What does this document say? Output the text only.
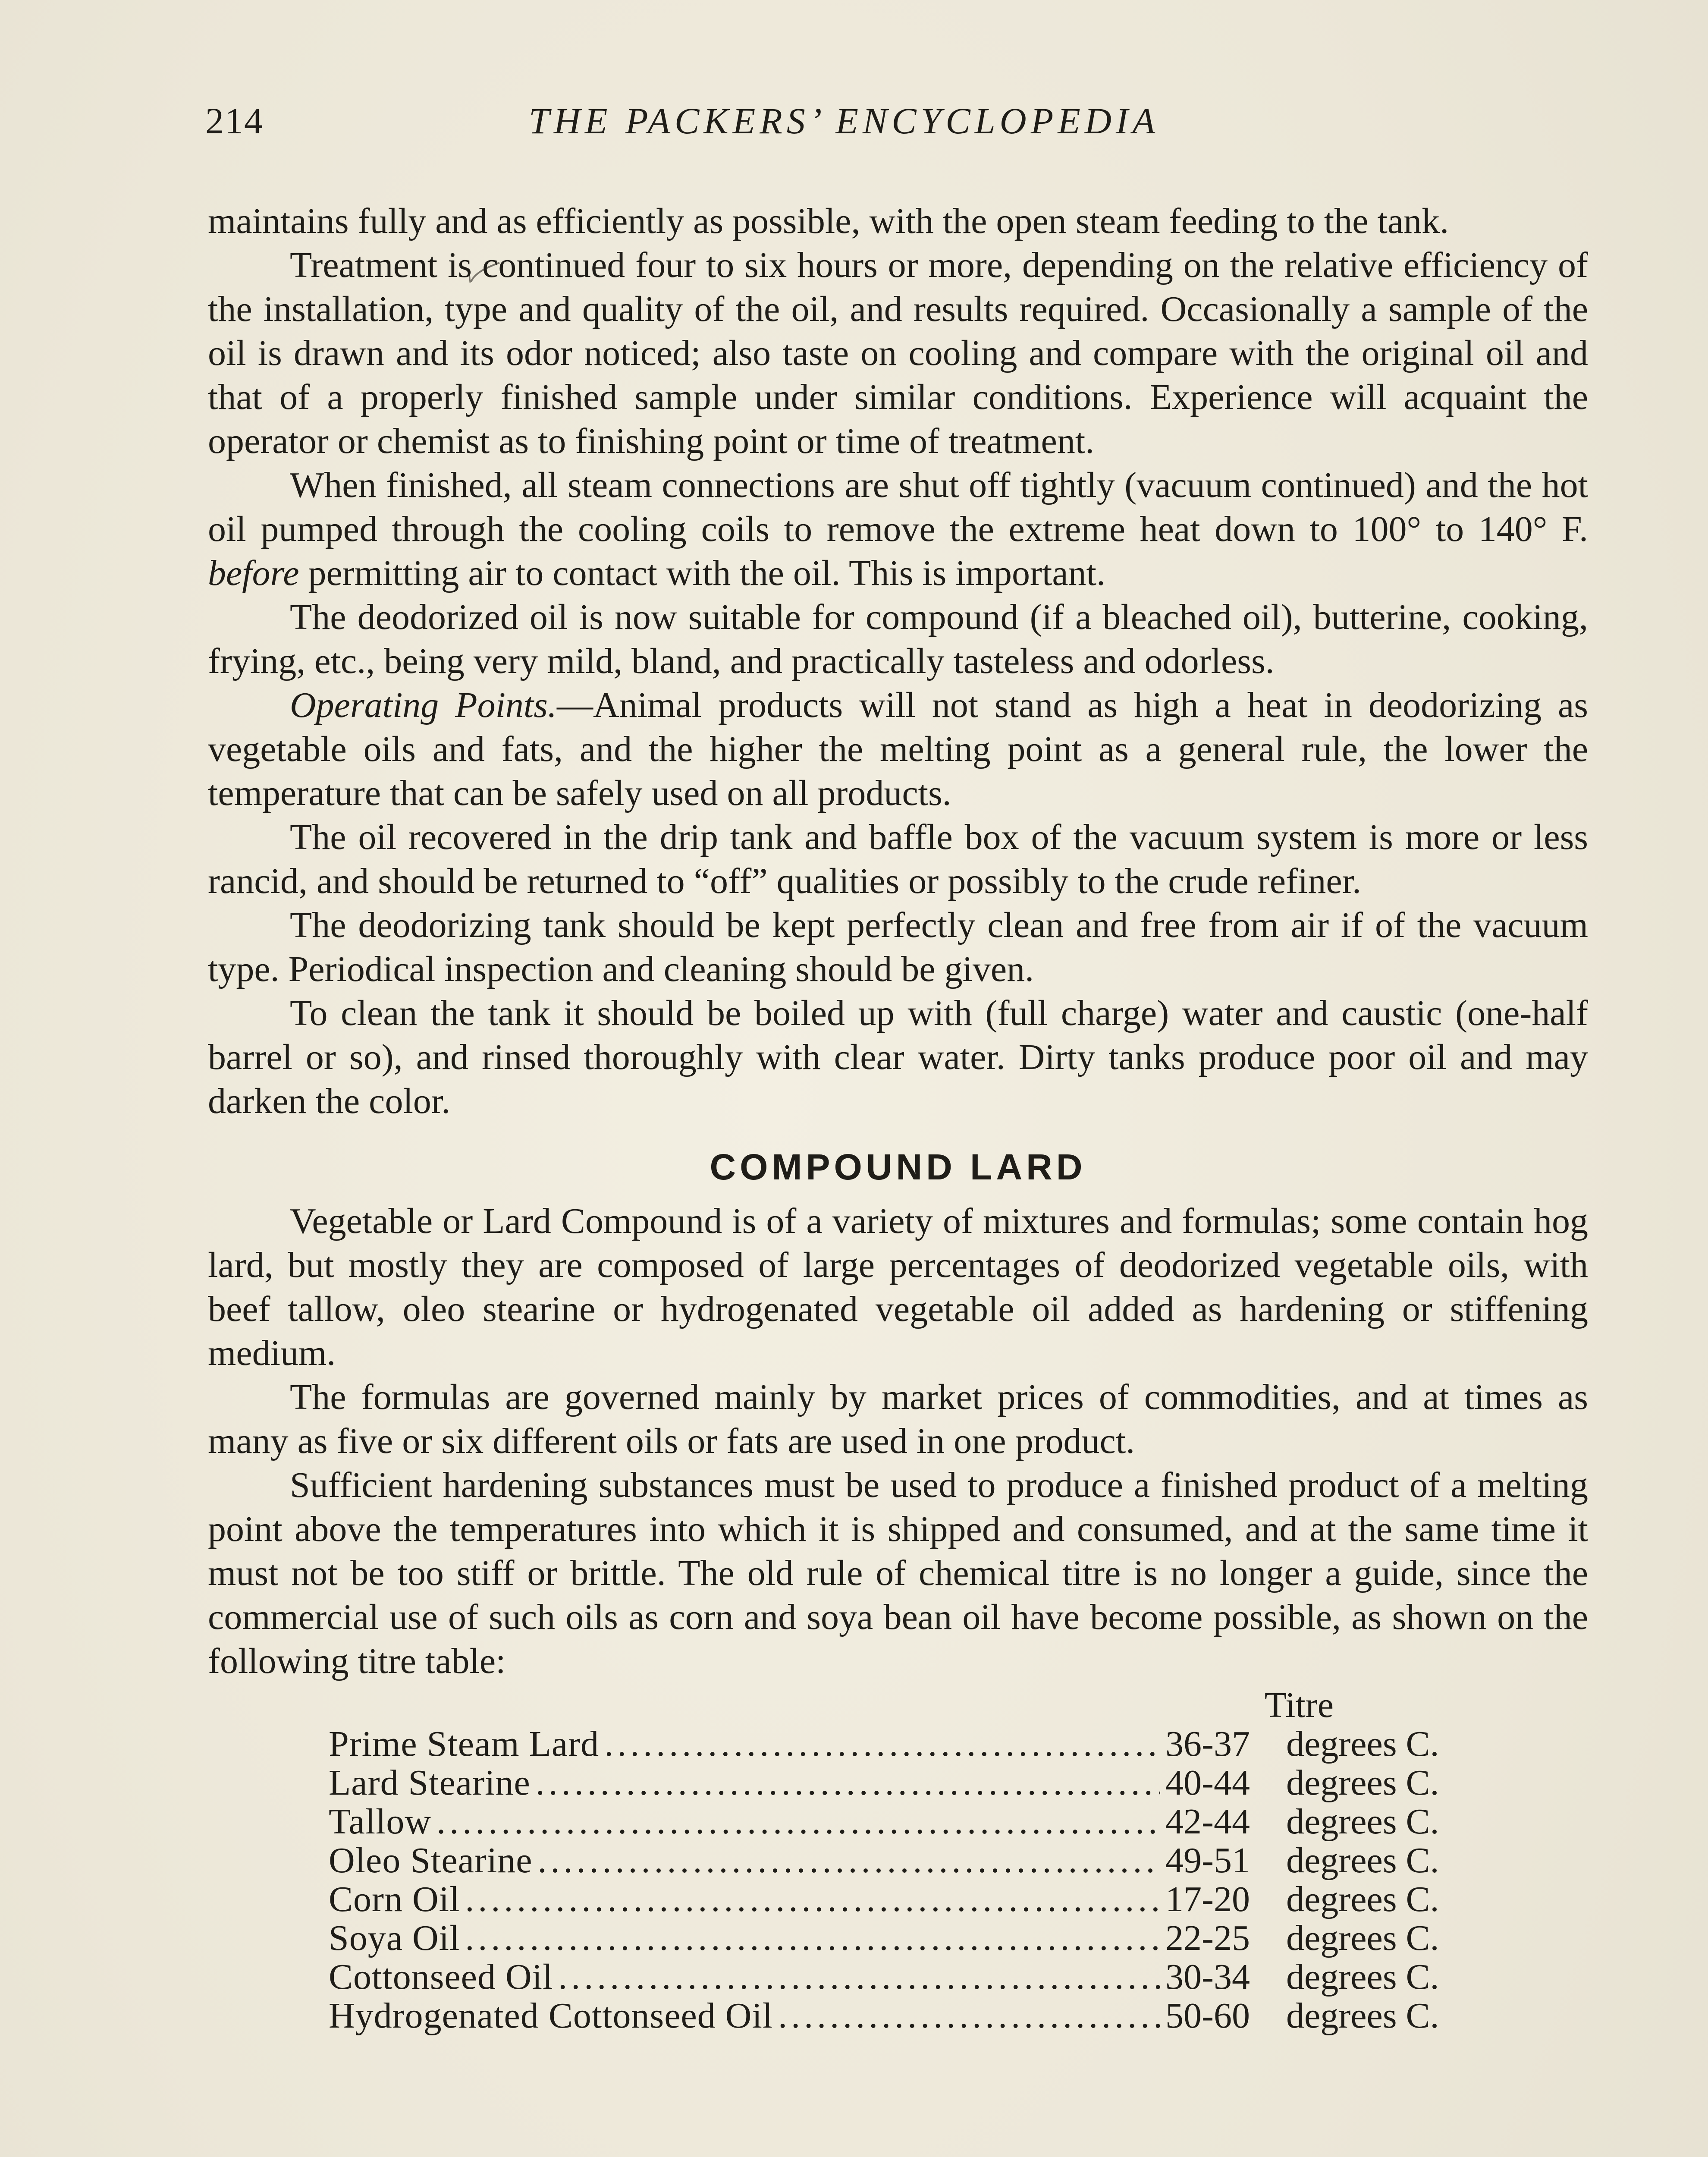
214	THE PACKERS’ ENCYCLOPEDIA

maintains fully and as efficiently as possible, with the open steam feeding to the tank.

Treatment is continued four to six hours or more, depending on the relative efficiency of the installation, type and quality of the oil, and results required. Occasionally a sample of the oil is drawn and its odor noticed; also taste on cooling and compare with the original oil and that of a properly finished sample under similar conditions. Experience will acquaint the operator or chemist as to finishing point or time of treatment.

When finished, all steam connections are shut off tightly (vacuum continued) and the hot oil pumped through the cooling coils to remove the extreme heat down to 100° to 140° F. before permitting air to contact with the oil. This is important.

The deodorized oil is now suitable for compound (if a bleached oil), butterine, cooking, frying, etc., being very mild, bland, and practically tasteless and odorless.

Operating Points.—Animal products will not stand as high a heat in deodorizing as vegetable oils and fats, and the higher the melting point as a general rule, the lower the temperature that can be safely used on all products.

The oil recovered in the drip tank and baffle box of the vacuum system is more or less rancid, and should be returned to “off” qualities or possibly to the crude refiner.

The deodorizing tank should be kept perfectly clean and free from air if of the vacuum type. Periodical inspection and cleaning should be given.

To clean the tank it should be boiled up with (full charge) water and caustic (one-half barrel or so), and rinsed thoroughly with clear water. Dirty tanks produce poor oil and may darken the color.

COMPOUND LARD

Vegetable or Lard Compound is of a variety of mixtures and formulas; some contain hog lard, but mostly they are composed of large percentages of deodorized vegetable oils, with beef tallow, oleo stearine or hydrogenated vegetable oil added as hardening or stiffening medium.

The formulas are governed mainly by market prices of commodities, and at times as many as five or six different oils or fats are used in one product.

Sufficient hardening substances must be used to produce a finished product of a melting point above the temperatures into which it is shipped and consumed, and at the same time it must not be too stiff or brittle. The old rule of chemical titre is no longer a guide, since the commercial use of such oils as corn and soya bean oil have become possible, as shown on the following titre table:

Titre
Prime Steam Lard .....	36-37	degrees C.
Lard Stearine .....	40-44	degrees C.
Tallow .....	42-44	degrees C.
Oleo Stearine .....	49-51	degrees C.
Corn Oil .....	17-20	degrees C.
Soya Oil .....	22-25	degrees C.
Cottonseed Oil .....	30-34	degrees C.
Hydrogenated Cottonseed Oil .....	50-60	degrees C.
